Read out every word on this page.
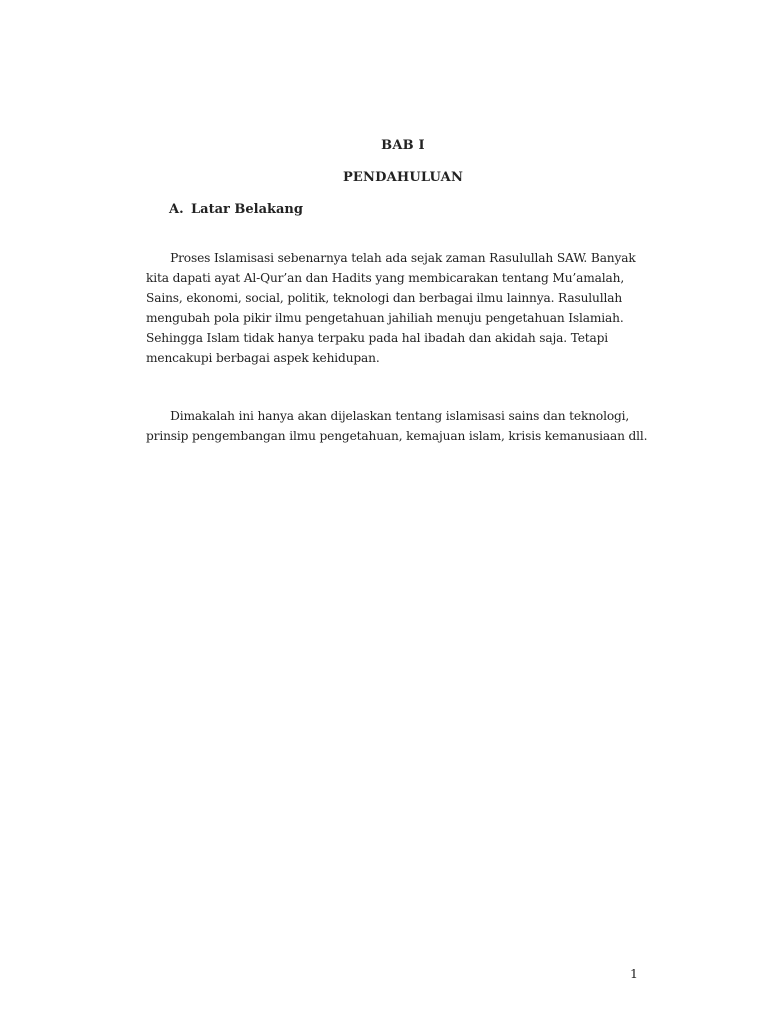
BAB I
PENDAHULUAN
A. Latar Belakang
  Proses Islamisasi sebenarnya telah ada sejak zaman Rasulullah SAW. Banyak
kita dapati ayat Al-Qur’an dan Hadits yang membicarakan tentang Mu’amalah,
Sains, ekonomi, social, politik, teknologi dan berbagai ilmu lainnya. Rasulullah
mengubah pola pikir ilmu pengetahuan jahiliah menuju pengetahuan Islamiah.
Sehingga Islam tidak hanya terpaku pada hal ibadah dan akidah saja. Tetapi
mencakupi berbagai aspek kehidupan.
  Dimakalah ini hanya akan dijelaskan tentang islamisasi sains dan teknologi,
prinsip pengembangan ilmu pengetahuan, kemajuan islam, krisis kemanusiaan dll.
1
